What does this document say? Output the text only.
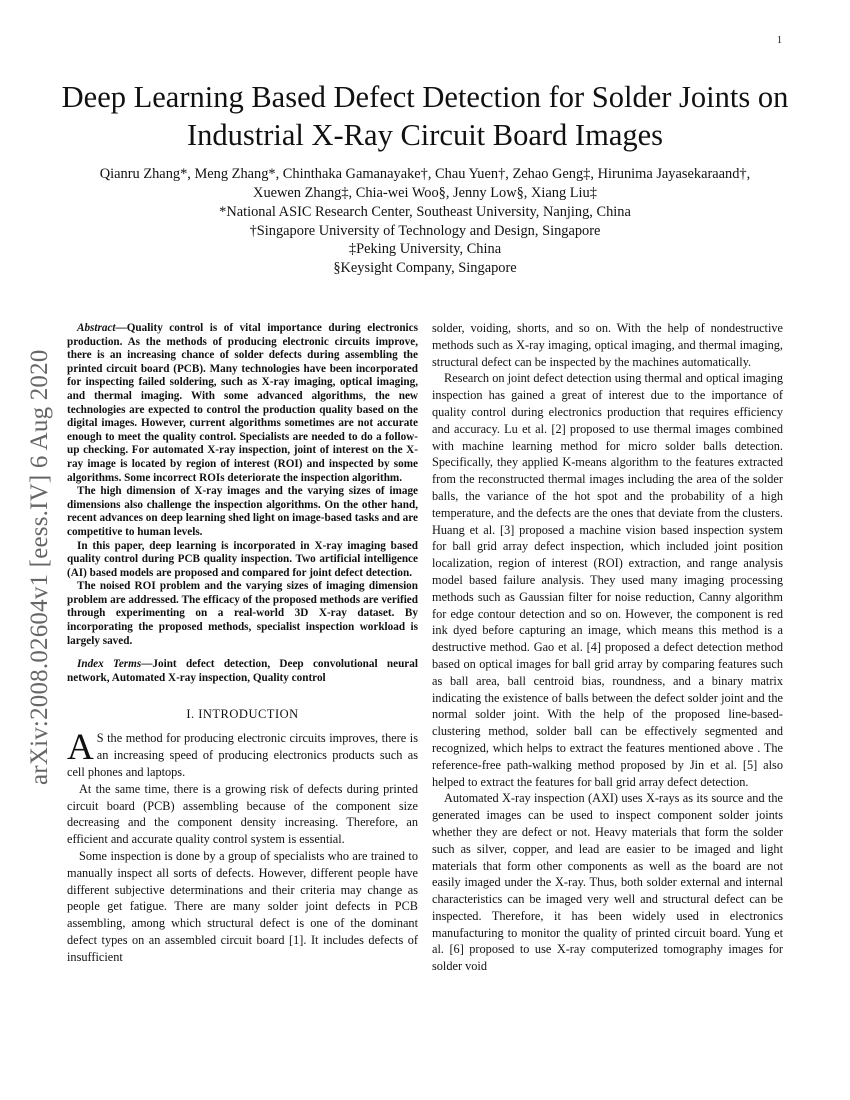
1
arXiv:2008.02604v1 [eess.IV] 6 Aug 2020
Deep Learning Based Defect Detection for Solder Joints on Industrial X-Ray Circuit Board Images
Qianru Zhang*, Meng Zhang*, Chinthaka Gamanayake†, Chau Yuen†, Zehao Geng‡, Hirunima Jayasekaraand†,
Xuewen Zhang‡, Chia-wei Woo§, Jenny Low§, Xiang Liu‡
*National ASIC Research Center, Southeast University, Nanjing, China
†Singapore University of Technology and Design, Singapore
‡Peking University, China
§Keysight Company, Singapore

Abstract—Quality control is of vital importance during electronics production. As the methods of producing electronic circuits improve, there is an increasing chance of solder defects during assembling the printed circuit board (PCB). Many technologies have been incorporated for inspecting failed soldering, such as X-ray imaging, optical imaging, and thermal imaging. With some advanced algorithms, the new technologies are expected to control the production quality based on the digital images. However, current algorithms sometimes are not accurate enough to meet the quality control. Specialists are needed to do a follow-up checking. For automated X-ray inspection, joint of interest on the X-ray image is located by region of interest (ROI) and inspected by some algorithms. Some incorrect ROIs deteriorate the inspection algorithm.

The high dimension of X-ray images and the varying sizes of image dimensions also challenge the inspection algorithms. On the other hand, recent advances on deep learning shed light on image-based tasks and are competitive to human levels.

In this paper, deep learning is incorporated in X-ray imaging based quality control during PCB quality inspection. Two artificial intelligence (AI) based models are proposed and compared for joint defect detection.

The noised ROI problem and the varying sizes of imaging dimension problem are addressed. The efficacy of the proposed methods are verified through experimenting on a real-world 3D X-ray dataset. By incorporating the proposed methods, specialist inspection workload is largely saved.

Index Terms—Joint defect detection, Deep convolutional neural network, Automated X-ray inspection, Quality control
I. INTRODUCTION

A S the method for producing electronic circuits improves, there is an increasing speed of producing electronics products such as cell phones and laptops.

At the same time, there is a growing risk of defects during printed circuit board (PCB) assembling because of the component size decreasing and the component density increasing. Therefore, an efficient and accurate quality control system is essential.

Some inspection is done by a group of specialists who are trained to manually inspect all sorts of defects. However, different people have different subjective determinations and their criteria may change as people get fatigue. There are many solder joint defects in PCB assembling, among which structural defect is one of the dominant defect types on an assembled circuit board [1]. It includes defects of insufficient

solder, voiding, shorts, and so on. With the help of nondestructive methods such as X-ray imaging, optical imaging, and thermal imaging, structural defect can be inspected by the machines automatically.

Research on joint defect detection using thermal and optical imaging inspection has gained a great of interest due to the importance of quality control during electronics production that requires efficiency and accuracy. Lu et al. [2] proposed to use thermal images combined with machine learning method for micro solder balls detection. Specifically, they applied K-means algorithm to the features extracted from the reconstructed thermal images including the area of the solder balls, the variance of the hot spot and the probability of a high temperature, and the defects are the ones that deviate from the clusters. Huang et al. [3] proposed a machine vision based inspection system for ball grid array defect inspection, which included joint position localization, region of interest (ROI) extraction, and range analysis model based failure analysis. They used many imaging processing methods such as Gaussian filter for noise reduction, Canny algorithm for edge contour detection and so on. However, the component is red ink dyed before capturing an image, which means this method is a destructive method. Gao et al. [4] proposed a defect detection method based on optical images for ball grid array by comparing features such as ball area, ball centroid bias, roundness, and a binary matrix indicating the existence of balls between the defect solder joint and the normal solder joint. With the help of the proposed line-based-clustering method, solder ball can be effectively segmented and recognized, which helps to extract the features mentioned above . The reference-free path-walking method proposed by Jin et al. [5] also helped to extract the features for ball grid array defect detection.

Automated X-ray inspection (AXI) uses X-rays as its source and the generated images can be used to inspect component solder joints whether they are defect or not. Heavy materials that form the solder such as silver, copper, and lead are easier to be imaged and light materials that form other components as well as the board are not easily imaged under the X-ray. Thus, both solder external and internal characteristics can be imaged very well and structural defect can be inspected. Therefore, it has been widely used in electronics manufacturing to monitor the quality of printed circuit board. Yung et al. [6] proposed to use X-ray computerized tomography images for solder void
